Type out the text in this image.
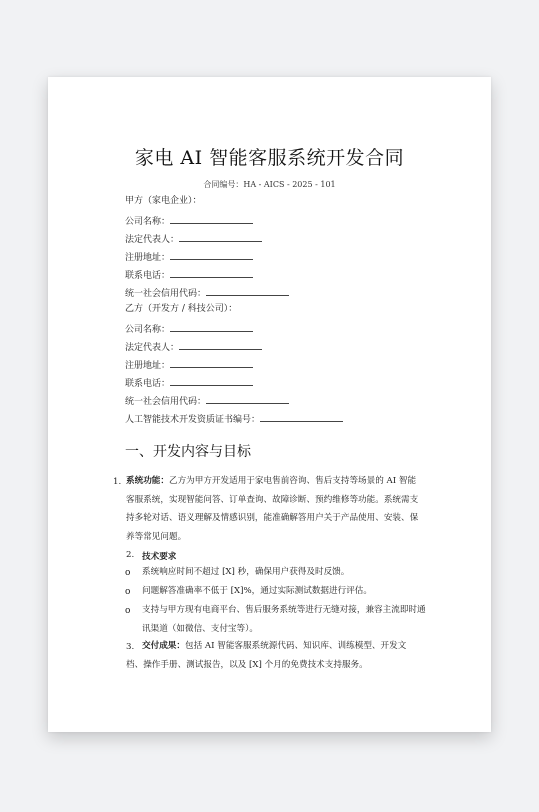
家电 AI 智能客服系统开发合同
合同编号：HA - AICS - 2025 - 101
甲方（家电企业）：
公司名称：
法定代表人：
注册地址：
联系电话：
统一社会信用代码：
乙方（开发方 / 科技公司）：
公司名称：
法定代表人：
注册地址：
联系电话：
统一社会信用代码：
人工智能技术开发资质证书编号：
一、开发内容与目标
1. 系统功能：乙方为甲方开发适用于家电售前咨询、售后支持等场景的 AI 智能
客服系统，实现智能问答、订单查询、故障诊断、预约维修等功能。系统需支
持多轮对话、语义理解及情感识别，能准确解答用户关于产品使用、安装、保
养等常见问题。
2. 技术要求
o 系统响应时间不超过 [X] 秒，确保用户获得及时反馈。
o 问题解答准确率不低于 [X]%，通过实际测试数据进行评估。
o 支持与甲方现有电商平台、售后服务系统等进行无缝对接，兼容主流即时通
讯渠道（如微信、支付宝等）。
3. 交付成果：包括 AI 智能客服系统源代码、知识库、训练模型、开发文
档、操作手册、测试报告，以及 [X] 个月的免费技术支持服务。
